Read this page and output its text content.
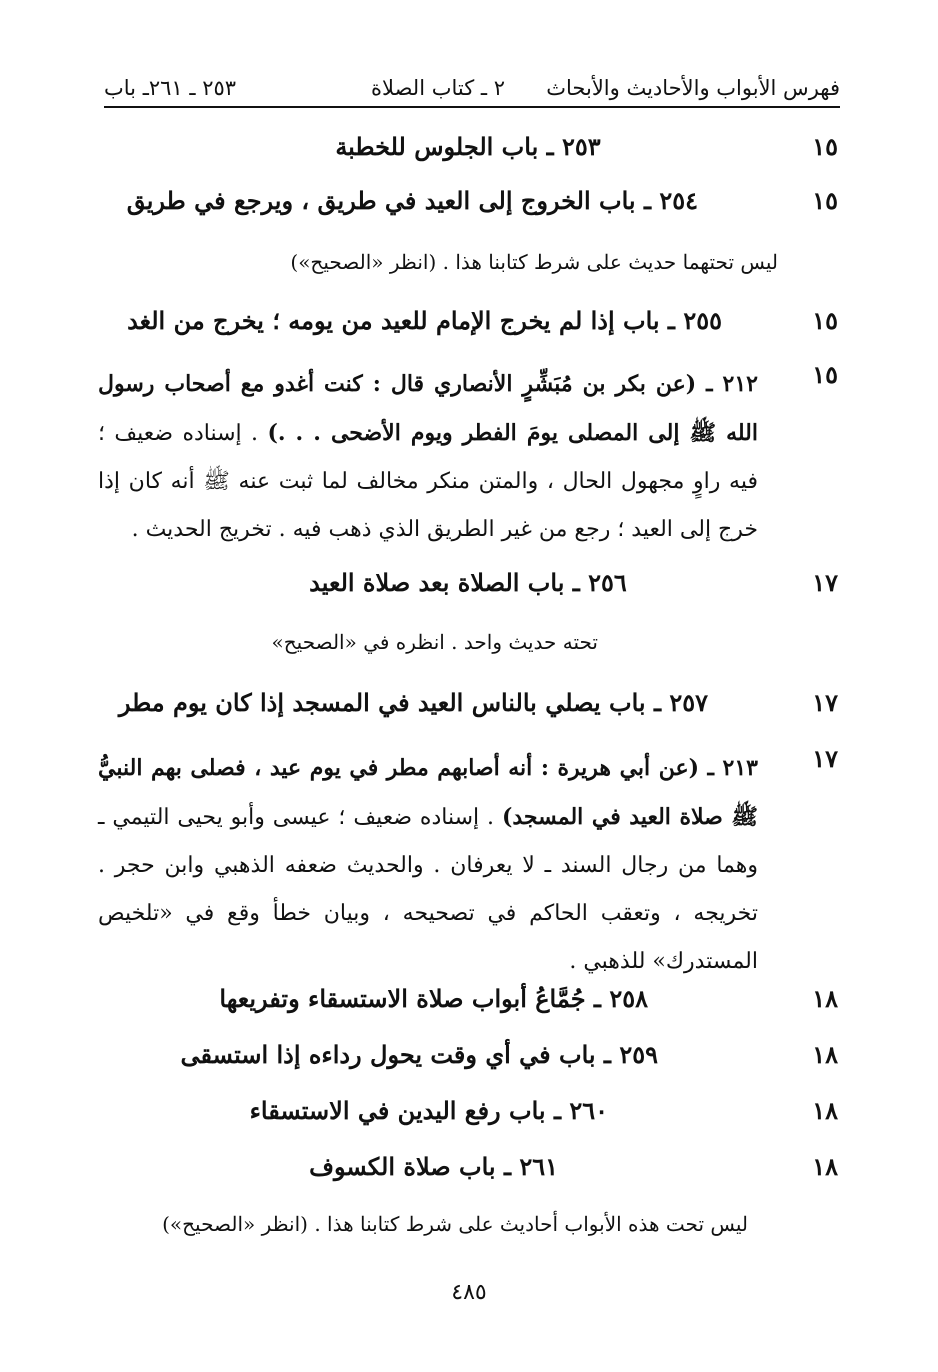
فهرس الأبواب والأحاديث والأبحاث
٢ ـ كتاب الصلاة
٢٥٣ ـ ٢٦١ـ باب
١٥
٢٥٣ ـ باب الجلوس للخطبة
١٥
٢٥٤ ـ باب الخروج إلى العيد في طريق ، ويرجع في طريق
ليس تحتهما حديث على شرط كتابنا هذا . (انظر «الصحيح»)
١٥
٢٥٥ ـ باب إذا لم يخرج الإمام للعيد من يومه ؛ يخرج من الغد
١٥
٢١٢ ـ (عن بكر بن مُبَشِّرٍ الأنصاري قال : كنت أغدو مع أصحاب رسول الله ﷺ إلى المصلى يومَ الفطر ويوم الأضحى . . .) . إسناده ضعيف ؛ فيه راوٍ مجهول الحال ، والمتن منكر مخالف لما ثبت عنه ﷺ أنه كان إذا خرج إلى العيد ؛ رجع من غير الطريق الذي ذهب فيه . تخريج الحديث .
١٧
٢٥٦ ـ باب الصلاة بعد صلاة العيد
تحته حديث واحد . انظره في «الصحيح»
١٧
٢٥٧ ـ باب يصلي بالناس العيد في المسجد إذا كان يوم مطر
١٧
٢١٣ ـ (عن أبي هريرة : أنه أصابهم مطر في يوم عيد ، فصلى بهم النبيُّ ﷺ صلاة العيد في المسجد) . إسناده ضعيف ؛ عيسى وأبو يحيى التيمي ـ وهما من رجال السند ـ لا يعرفان . والحديث ضعفه الذهبي وابن حجر . تخريجه ، وتعقب الحاكم في تصحيحه ، وبيان خطأ وقع في «تلخيص المستدرك» للذهبي .
١٨
٢٥٨ ـ جُمَّاعُ أبواب صلاة الاستسقاء وتفريعها
١٨
٢٥٩ ـ باب في أي وقت يحول رداءه إذا استسقى
١٨
٢٦٠ ـ باب رفع اليدين في الاستسقاء
١٨
٢٦١ ـ باب صلاة الكسوف
ليس تحت هذه الأبواب أحاديث على شرط كتابنا هذا . (انظر «الصحيح»)
٤٨٥
